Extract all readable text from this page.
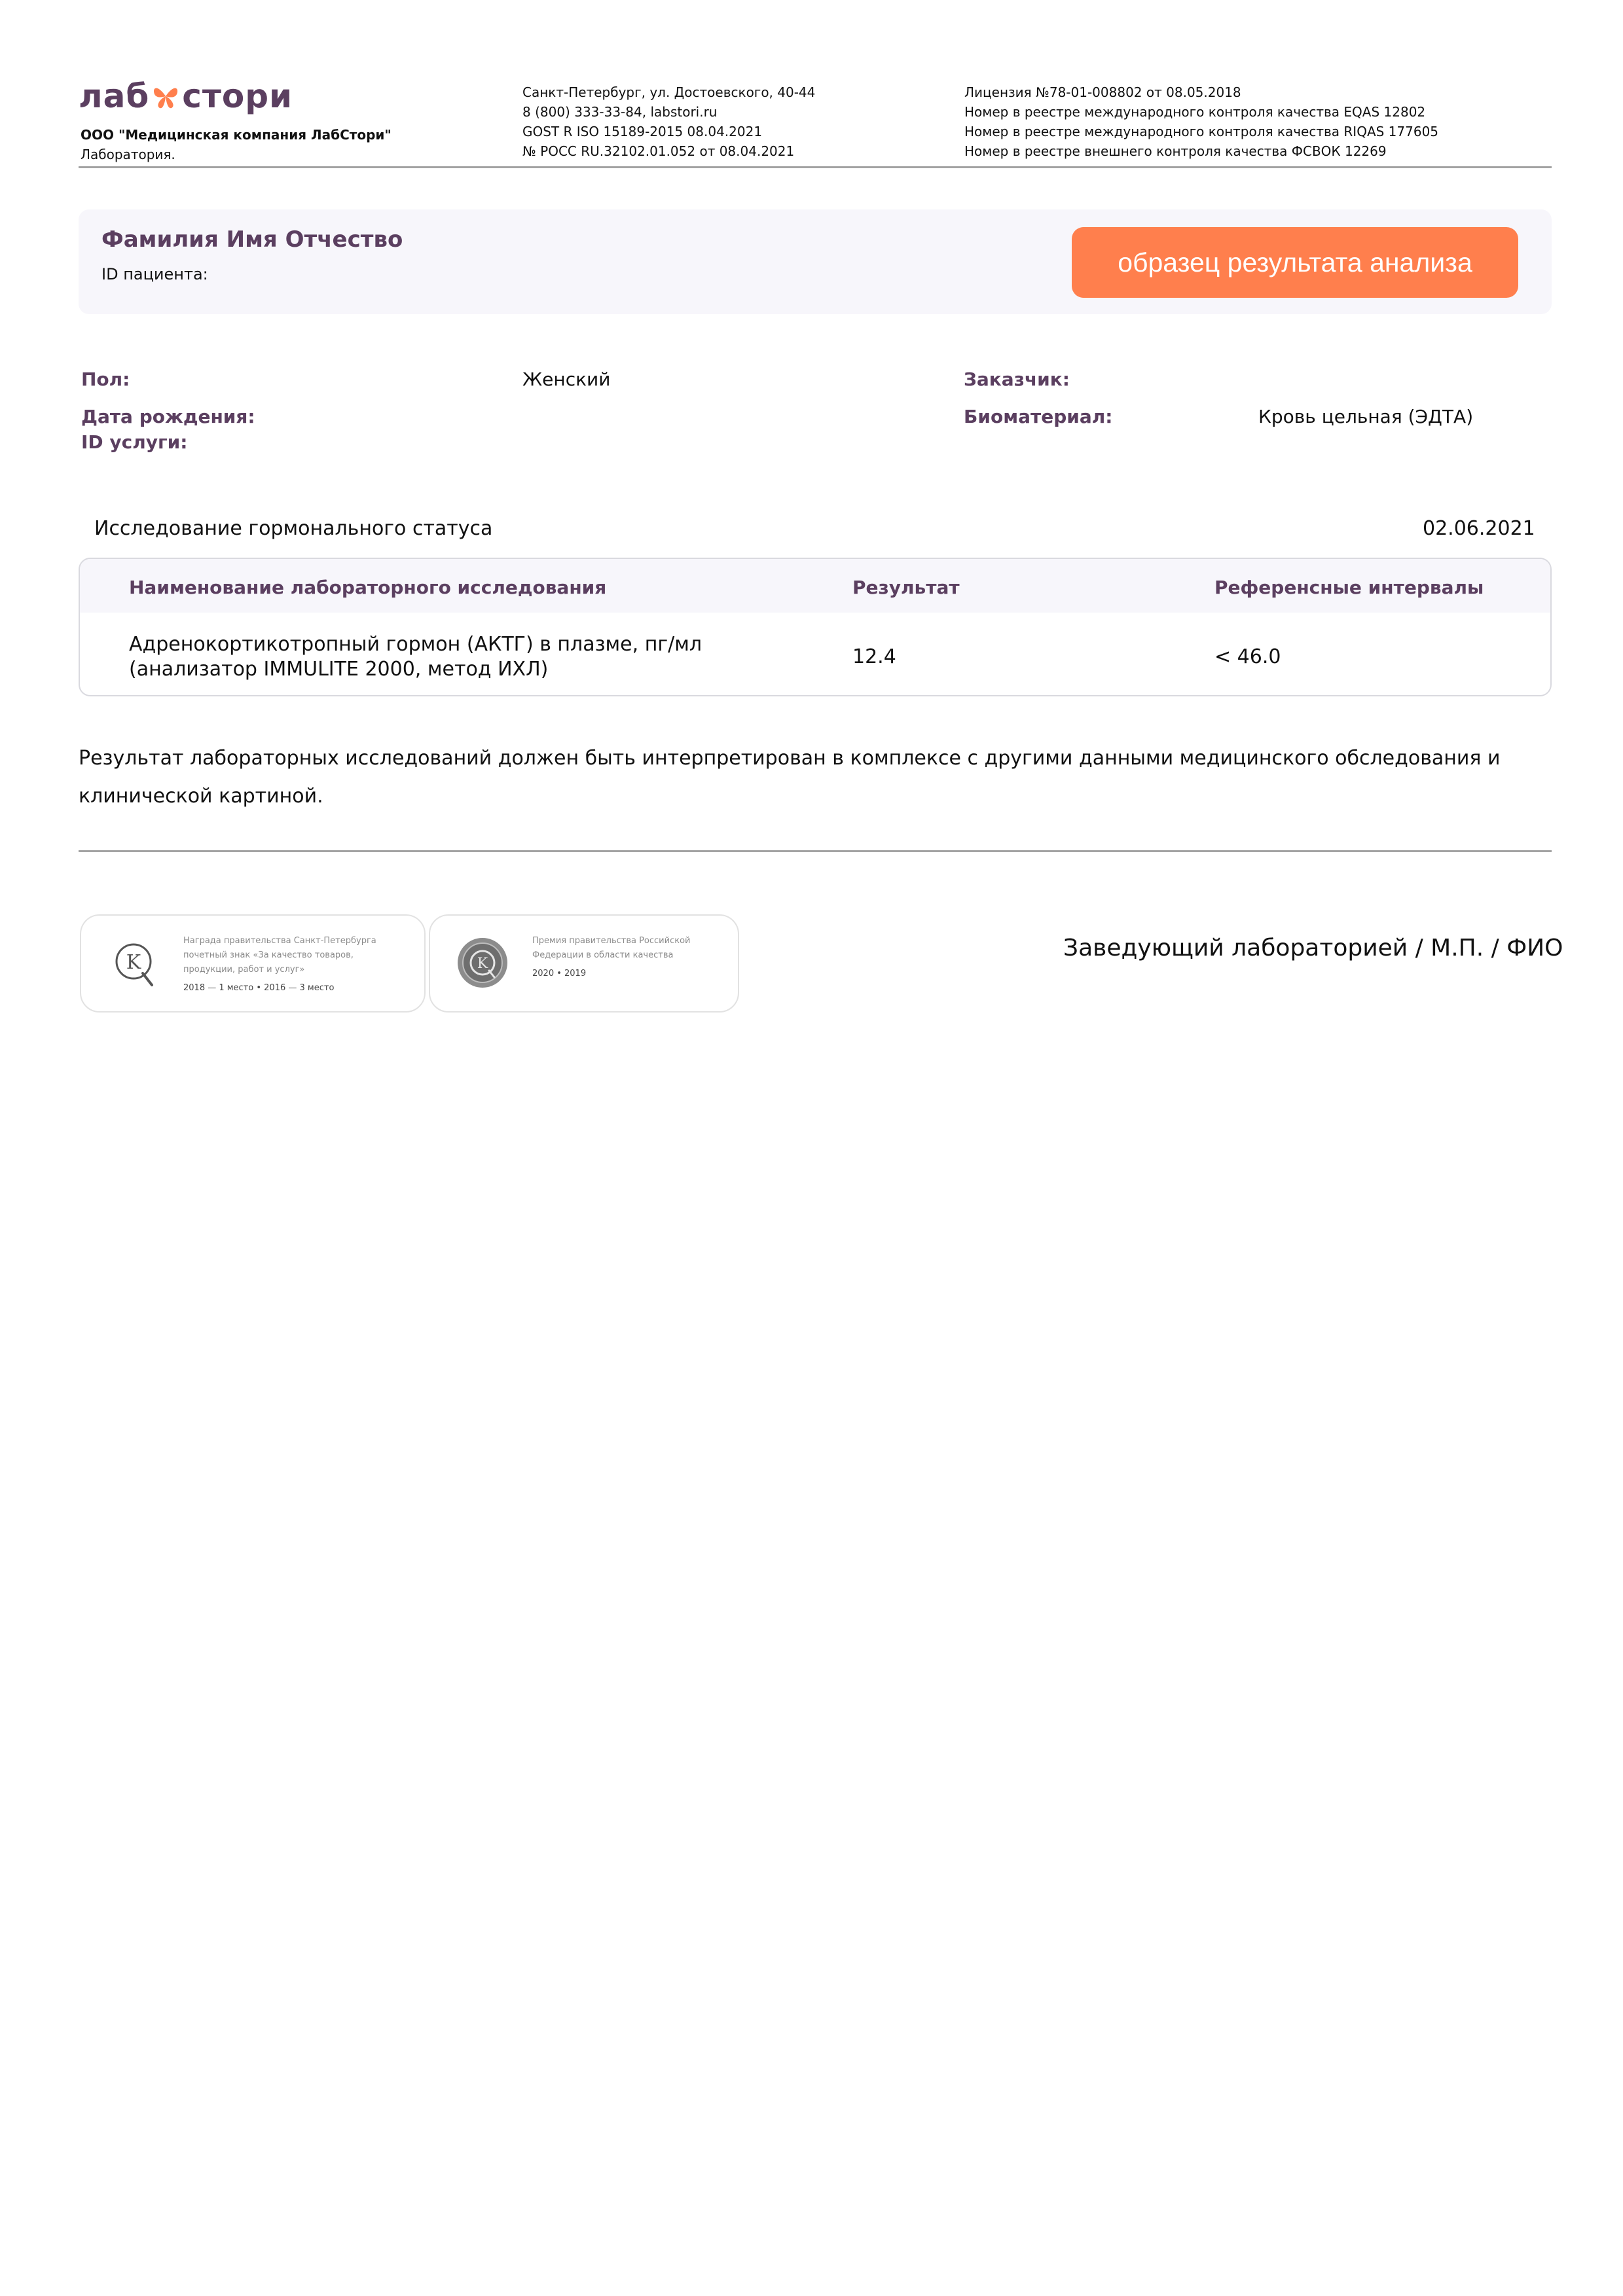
лаб стори
ООО "Медицинская компания ЛабСтори"
Лаборатория.
Санкт-Петербург, ул. Достоевского, 40-44
8 (800) 333-33-84, labstori.ru
GOST R ISO 15189-2015 08.04.2021
№ РОСС RU.32102.01.052 от 08.04.2021
Лицензия №78-01-008802 от 08.05.2018
Номер в реестре международного контроля качества EQAS 12802
Номер в реестре международного контроля качества RIQAS 177605
Номер в реестре внешнего контроля качества ФСВОК 12269
Фамилия Имя Отчество
ID пациента:	образец результата анализа
Пол:	Женский	Заказчик:
Дата рождения:	Биоматериал:	Кровь цельная (ЭДТА)
ID услуги:
Исследование гормонального статуса	02.06.2021
Наименование лабораторного исследования	Результат	Референсные интервалы
Адренокортикотропный гормон (АКТГ) в плазме, пг/мл
(анализатор IMMULITE 2000, метод ИХЛ)
12.4	< 46.0
Результат лабораторных исследований должен быть интерпретирован в комплексе с другими данными медицинского обследования и клинической картиной.
K
Награда правительства Санкт-Петербурга
почетный знак «За качество товаров,
продукции, работ и услуг»
2018 — 1 место • 2016 — 3 место
K
Премия правительства Российской
Федерации в области качества
2020 • 2019
Заведующий лабораторией / М.П. / ФИО
